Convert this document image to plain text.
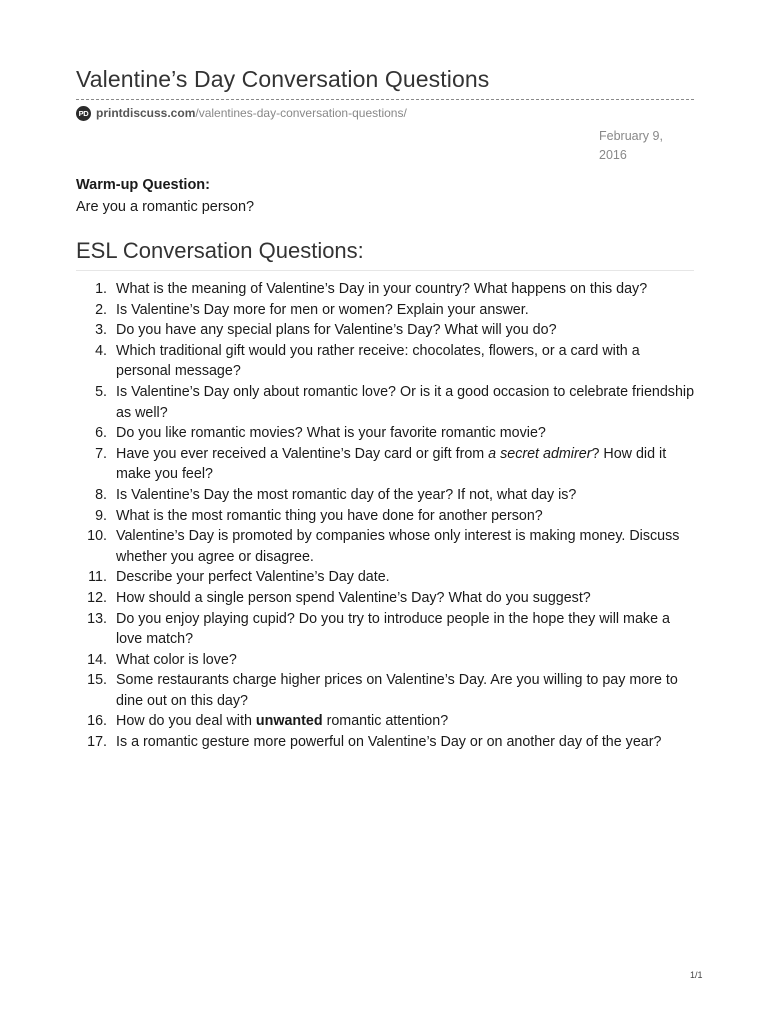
Valentine’s Day Conversation Questions
PD printdiscuss.com /valentines-day-conversation-questions/
February 9,
2016
Warm-up Question:
Are you a romantic person?
ESL Conversation Questions:
1. What is the meaning of Valentine’s Day in your country? What happens on this day?
2. Is Valentine’s Day more for men or women? Explain your answer.
3. Do you have any special plans for Valentine’s Day? What will you do?
4. Which traditional gift would you rather receive: chocolates, flowers, or a card with a personal message?
5. Is Valentine’s Day only about romantic love? Or is it a good occasion to celebrate friendship as well?
6. Do you like romantic movies? What is your favorite romantic movie?
7. Have you ever received a Valentine’s Day card or gift from a secret admirer? How did it make you feel?
8. Is Valentine’s Day the most romantic day of the year? If not, what day is?
9. What is the most romantic thing you have done for another person?
10. Valentine’s Day is promoted by companies whose only interest is making money. Discuss whether you agree or disagree.
11. Describe your perfect Valentine’s Day date.
12. How should a single person spend Valentine’s Day? What do you suggest?
13. Do you enjoy playing cupid? Do you try to introduce people in the hope they will make a love match?
14. What color is love?
15. Some restaurants charge higher prices on Valentine’s Day. Are you willing to pay more to dine out on this day?
16. How do you deal with unwanted romantic attention?
17. Is a romantic gesture more powerful on Valentine’s Day or on another day of the year?
1/1
